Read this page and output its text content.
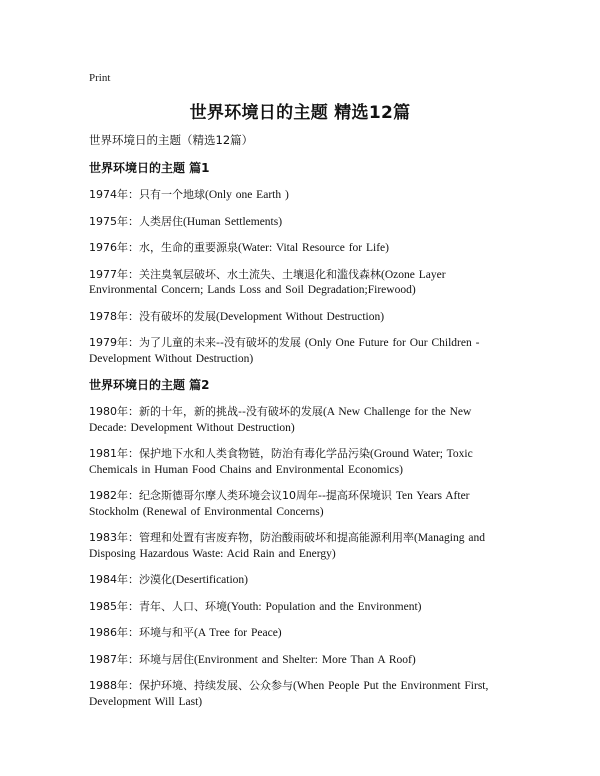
Print
世界环境日的主题 精选12篇
世界环境日的主题（精选12篇）
世界环境日的主题 篇1
1974年：只有一个地球(Only one Earth )
1975年：人类居住(Human Settlements)
1976年：水，生命的重要源泉(Water: Vital Resource for Life)
1977年：关注臭氧层破坏、水土流失、土壤退化和滥伐森林(Ozone Layer Environmental Concern; Lands Loss and Soil Degradation;Firewood)
1978年：没有破坏的发展(Development Without Destruction)
1979年：为了儿童的未来--没有破坏的发展 (Only One Future for Our Children - Development Without Destruction)
世界环境日的主题 篇2
1980年：新的十年，新的挑战--没有破坏的发展(A New Challenge for the New Decade: Development Without Destruction)
1981年：保护地下水和人类食物链，防治有毒化学品污染(Ground Water; Toxic Chemicals in Human Food Chains and Environmental Economics)
1982年：纪念斯德哥尔摩人类环境会议10周年--提高环保境识 Ten Years After Stockholm (Renewal of Environmental Concerns)
1983年：管理和处置有害废弃物，防治酸雨破坏和提高能源利用率(Managing and Disposing Hazardous Waste: Acid Rain and Energy)
1984年：沙漠化(Desertification)
1985年：青年、人口、环境(Youth: Population and the Environment)
1986年：环境与和平(A Tree for Peace)
1987年：环境与居住(Environment and Shelter: More Than A Roof)
1988年：保护环境、持续发展、公众参与(When People Put the Environment First, Development Will Last)
